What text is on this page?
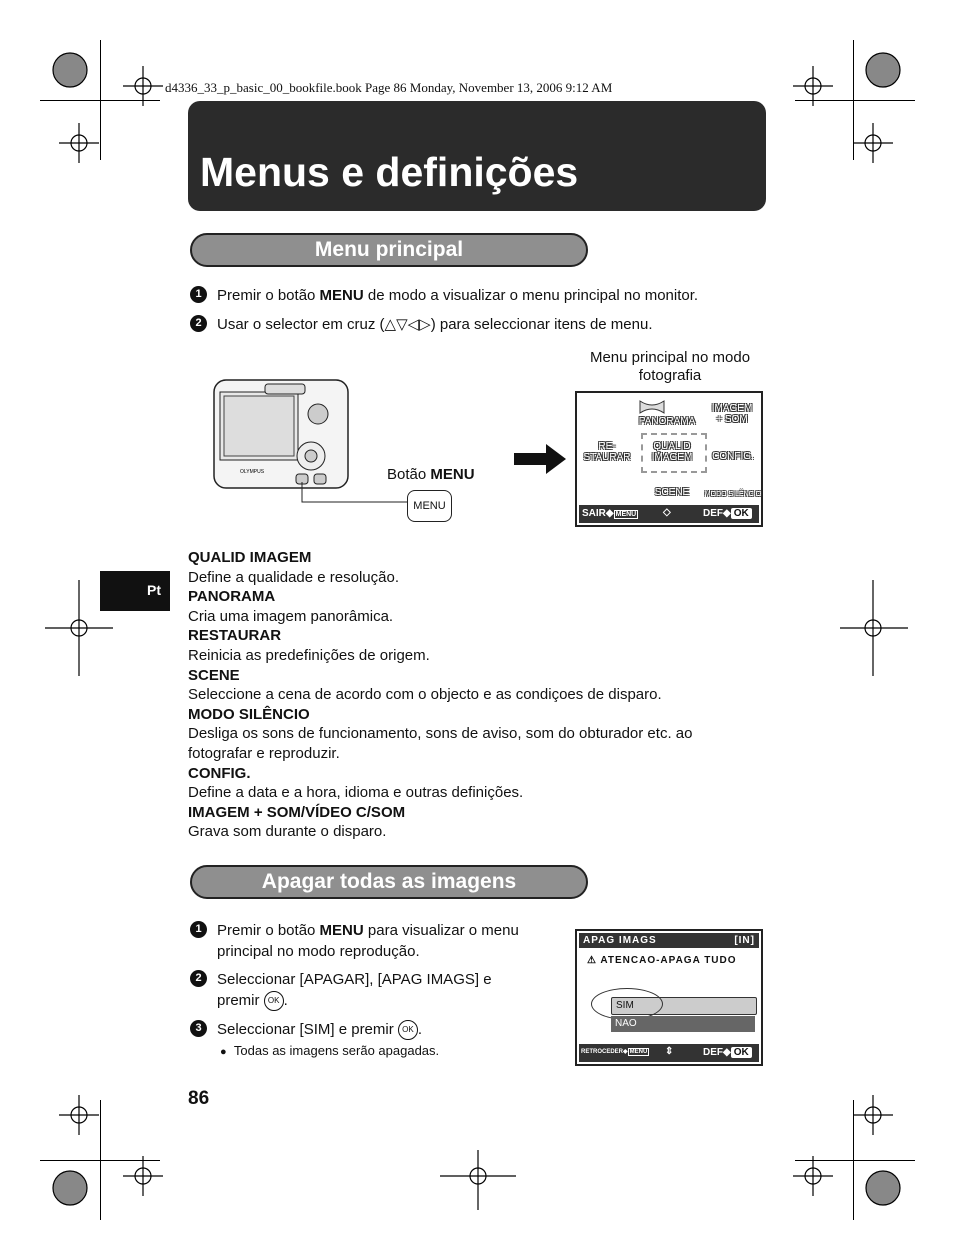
d4336_33_p_basic_00_bookfile.book Page 86 Monday, November 13, 2006 9:12 AM
Menus e definições
Menu principal
1	Premir o botão MENU de modo a visualizar o menu principal no monitor.
2	Usar o selector em cruz (△▽◁▷) para seleccionar itens de menu.
Menu principal no modo
fotografia
OLYMPUS	Botão MENU
MENU
PANORAMA
IMAGEM
+ SOM
RE-
STAURAR
QUALID
IMAGEM	CONFIG.
SCENE	MODO SILÊNCIO
SAIR◆ MENU	◇	DEF◆ OK
Pt
QUALID IMAGEM
Define a qualidade e resolução.
PANORAMA
Cria uma imagem panorâmica.
RESTAURAR
Reinicia as predefinições de origem.
SCENE
Seleccione a cena de acordo com o objecto e as condiçoes de disparo.
MODO SILÊNCIO
Desliga os sons de funcionamento, sons de aviso, som do obturador etc. ao fotografar e reproduzir.
CONFIG.
Define a data e a hora, idioma e outras definições.
IMAGEM + SOM/VÍDEO C/SOM
Grava som durante o disparo.
Apagar todas as imagens
1	Premir o botão MENU para visualizar o menu
principal no modo reprodução.
2	Seleccionar [APAGAR], [APAG IMAGS] e
premir OK .
3	Seleccionar [SIM] e premir OK .
● Todas as imagens serão apagadas.
APAG IMAGS	[IN]
⚠ ATENCAO-APAGA TUDO
SIM
NAO
RETROCEDER◆ MENU ⇕	DEF◆ OK
86
